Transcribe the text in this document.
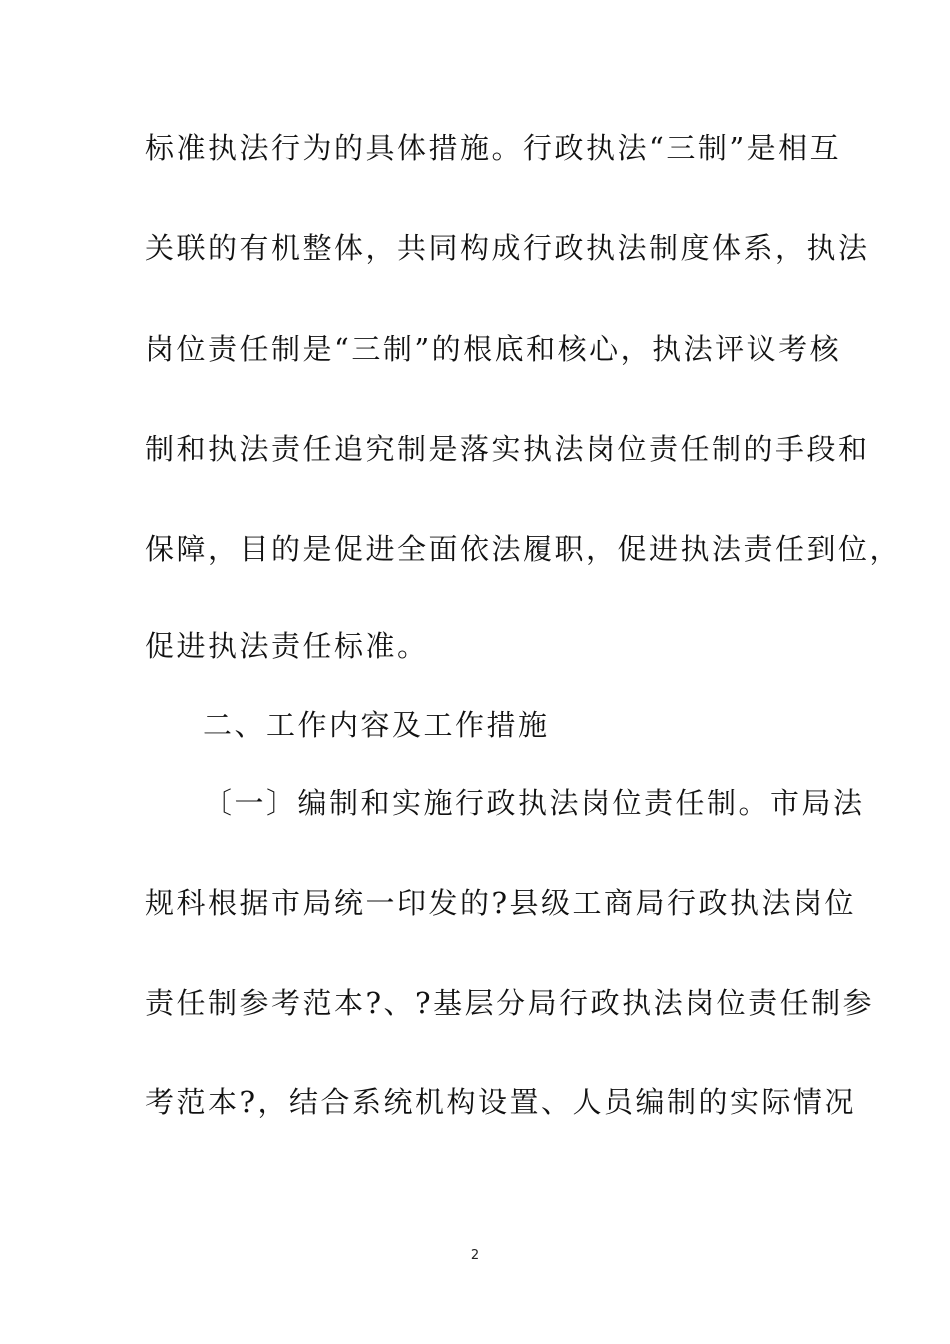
标准执法行为的具体措施。行政执法“三制”是相互
关联的有机整体，共同构成行政执法制度体系，执法
岗位责任制是“三制”的根底和核心，执法评议考核
制和执法责任追究制是落实执法岗位责任制的手段和
保障，目的是促进全面依法履职，促进执法责任到位，
促进执法责任标准。
二、工作内容及工作措施
〔一〕编制和实施行政执法岗位责任制。市局法
规科根据市局统一印发的?县级工商局行政执法岗位
责任制参考范本?、?基层分局行政执法岗位责任制参
考范本?，结合系统机构设置、人员编制的实际情况
2
